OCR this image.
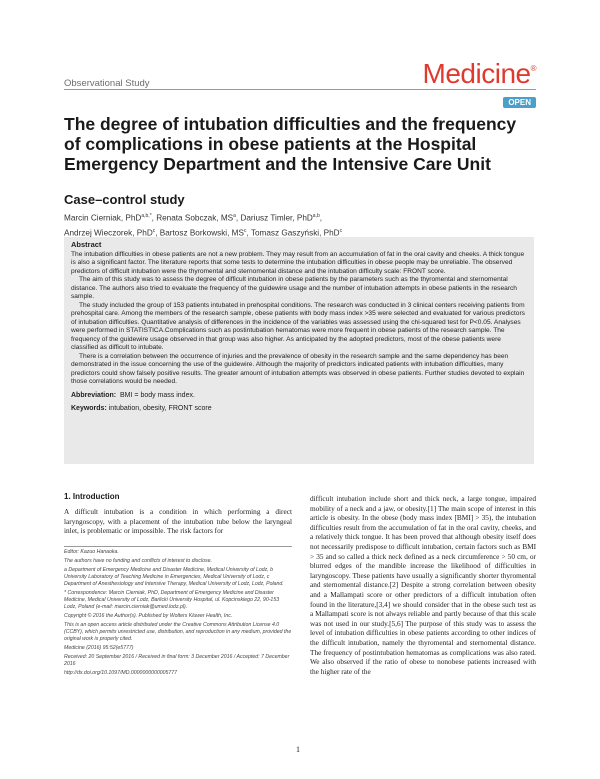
Observational Study	Medicine®
OPEN
The degree of intubation difficulties and the frequency of complications in obese patients at the Hospital Emergency Department and the Intensive Care Unit
Case–control study
Marcin Cierniak, PhD$^{a,b,*}$, Renata Sobczak, $MS^a$, Dariusz Timler, PhD$^{a,b}$,
Andrzej Wieczorek, PhD$^c$, Bartosz Borkowski, $MS^c$, Tomasz Gaszyński, PhD$^c$
Abstract

The intubation difficulties in obese patients are not a new problem. They may result from an accumulation of fat in the oral cavity and cheeks. A thick tongue is also a significant factor. The literature reports that some tests to determine the intubation difficulties in obese people may be unreliable. The observed predictors of difficult intubation were the thyromental and sternomental distance and the intubation difficulty scale: FRONT score.

The aim of this study was to assess the degree of difficult intubation in obese patients by the parameters such as the thyromental and sternomental distance. The authors also tried to evaluate the frequency of the guidewire usage and the number of intubation attempts in obese patients in the research sample.

The study included the group of 153 patients intubated in prehospital conditions. The research was conducted in 3 clinical centers receiving patients from prehospital care. Among the members of the research sample, obese patients with body mass index >35 were selected and evaluated for various predictors of intubation difficulties. Quantitative analysis of differences in the incidence of the variables was assessed using the chi-squared test for P<0.05. Analyses were performed in STATISTICA.Complications such as postintubation hematomas were more frequent in obese patients of the research sample. The frequency of the guidewire usage observed in that group was also higher. As anticipated by the adopted predictors, most of the obese patients were classified as difficult to intubate.

There is a correlation between the occurrence of injuries and the prevalence of obesity in the research sample and the same dependency has been demonstrated in the issue concerning the use of the guidewire. Although the majority of predictors indicated patients with intubation difficulties, many predictors could show falsely positive results. The greater amount of intubation attempts was observed in obese patients. Further studies devoted to explain those correlations would be needed.

Abbreviation: BMI = body mass index.

Keywords: intubation, obesity, FRONT score

1. Introduction

A difficult intubation is a condition in which performing a direct laryngoscopy, with a placement of the intubation tube below the laryngeal inlet, is problematic or impossible. The risk factors for

Editor: Kazuo Hanaoka.

The authors have no funding and conflicts of interest to disclose.

a Department of Emergency Medicine and Disaster Medicine, Medical University of Lodz, b University Laboratory of Teaching Medicine in Emergencies, Medical University of Lodz, c Department of Anesthesiology and Intensive Therapy, Medical University of Lodz, Lodz, Poland.

* Correspondence: Marcin Cierniak, PhD, Department of Emergency Medicine and Disaster Medicine, Medical University of Lodz, Barlicki University Hospital, ul. Kopcinskiego 22, 90-153 Lodz, Poland (e-mail: marcin.cierniak@umed.lodz.pl).

Copyright © 2016 the Author(s). Published by Wolters Kluwer Health, Inc.

This is an open access article distributed under the Creative Commons Attribution License 4.0 (CCBY), which permits unrestricted use, distribution, and reproduction in any medium, provided the original work is properly cited.

Medicine (2016) 95:52(e5777)

Received: 20 September 2016 / Received in final form: 3 December 2016 / Accepted: 7 December 2016

http://dx.doi.org/10.1097/MD.0000000000005777

difficult intubation include short and thick neck, a large tongue, impaired mobility of a neck and a jaw, or obesity.[1] The main scope of interest in this article is obesity. In the obese (body mass index [BMI] > 35), the intubation difficulties result from the accumulation of fat in the oral cavity, cheeks, and a relatively thick tongue. It has been proved that although obesity itself does not necessarily predispose to difficult intubation, certain factors such as BMI > 35 and so called a thick neck defined as a neck circumference > 50 cm, or blurred edges of the mandible increase the likelihood of difficulties in laryngoscopy. These patients have usually a significantly shorter thyromental and sternomental distance.[2] Despite a strong correlation between obesity and a Mallampati score or other predictors of a difficult intubation often found in the literature,[3,4] we should consider that in the obese such test as a Mallampati score is not always reliable and partly because of that this scale was not used in our study.[5,6] The purpose of this study was to assess the level of intubation difficulties in obese patients according to other indices of the difficult intubation, namely the thyromental and sternomental distance. The frequency of postintubation hematomas as complications was also rated. We also observed if the ratio of obese to nonobese patients increased with the higher rate of the

1
